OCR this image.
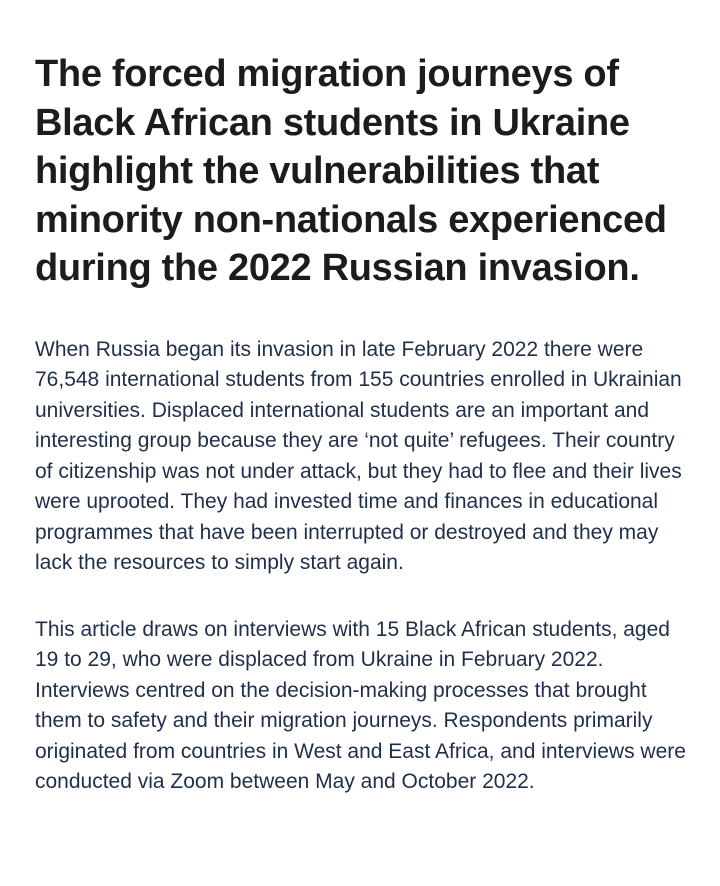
The forced migration journeys of Black African students in Ukraine highlight the vulnerabilities that minority non-nationals experienced during the 2022 Russian invasion.

When Russia began its invasion in late February 2022 there were 76,548 international students from 155 countries enrolled in Ukrainian universities. Displaced international students are an important and interesting group because they are ‘not quite’ refugees. Their country of citizenship was not under attack, but they had to flee and their lives were uprooted. They had invested time and finances in educational programmes that have been interrupted or destroyed and they may lack the resources to simply start again.

This article draws on interviews with 15 Black African students, aged 19 to 29, who were displaced from Ukraine in February 2022. Interviews centred on the decision-making processes that brought them to safety and their migration journeys. Respondents primarily originated from countries in West and East Africa, and interviews were conducted via Zoom between May and October 2022.
